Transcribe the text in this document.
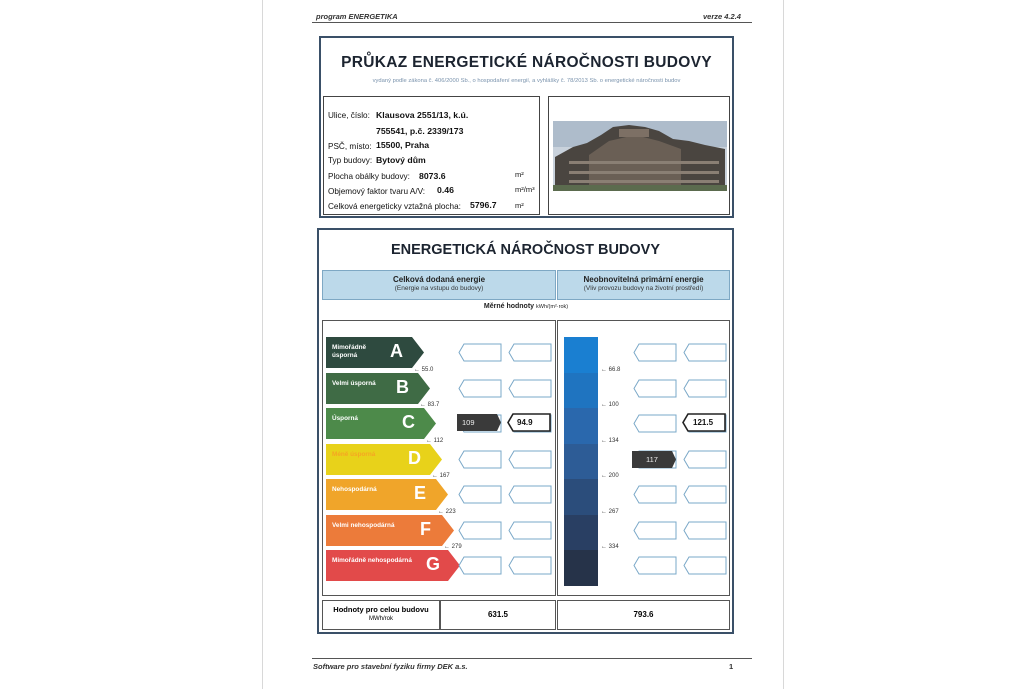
program ENERGETIKA	verze 4.2.4
PRŮKAZ ENERGETICKÉ NÁROČNOSTI BUDOVY
vydaný podle zákona č. 406/2000 Sb., o hospodaření energií, a vyhlášky č. 78/2013 Sb. o energetické náročnosti budov
Ulice, číslo: Klausova 2551/13, k.ú.
755541, p.č. 2339/173
PSČ, místo: 15500, Praha
Typ budovy: Bytový dům
Plocha obálky budovy: 8073.6	m²
Objemový faktor tvaru A/V: 0.46	m²/m³
Celková energeticky vztažná plocha: 5796.7 m²
ENERGETICKÁ NÁROČNOST BUDOVY
Celková dodaná energie
(Energie na vstupu do budovy)
Neobnovitelná primární energie
(Vliv provozu budovy na životní prostředí)
Měrné hodnoty kWh/(m²·rok)
Mimořádně úsporná	A
Velmi úsporná	B
Úsporná	C
Méně úsporná	D
Nehospodárná	E
Velmi nehospodárná	F
Mimořádně nehospodárná G
← 55.0
← 83.7
← 112
← 167
← 223
← 279
← 66.8
← 100
← 134
← 200
← 267
← 334
109	94.9
117
121.5
Hodnoty pro celou budovu
MWh/rok	631.5	793.6
Software pro stavební fyziku firmy DEK a.s.	1
